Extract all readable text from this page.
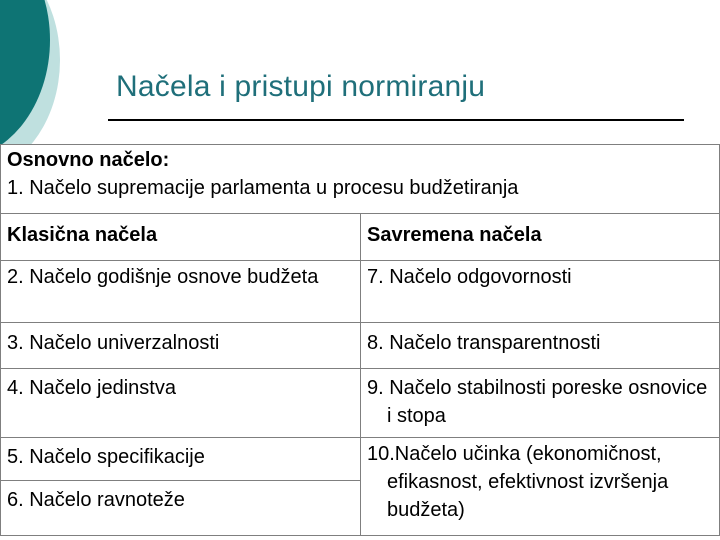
Načela i pristupi normiranju
Osnovno načelo:
1. Načelo supremacije parlamenta u procesu budžetiranja	

Klasična načela	Savremena načela
2. Načelo godišnje osnove budžeta	7. Načelo odgovornosti
3. Načelo univerzalnosti	8. Načelo transparentnosti
4. Načelo jedinstva	9. Načelo stabilnosti poreske osnovice i stopa
5. Načelo specifikacije	10.Načelo učinka (ekonomičnost, efikasnost, efektivnost izvršenja budžeta)
6. Načelo ravnoteže	
